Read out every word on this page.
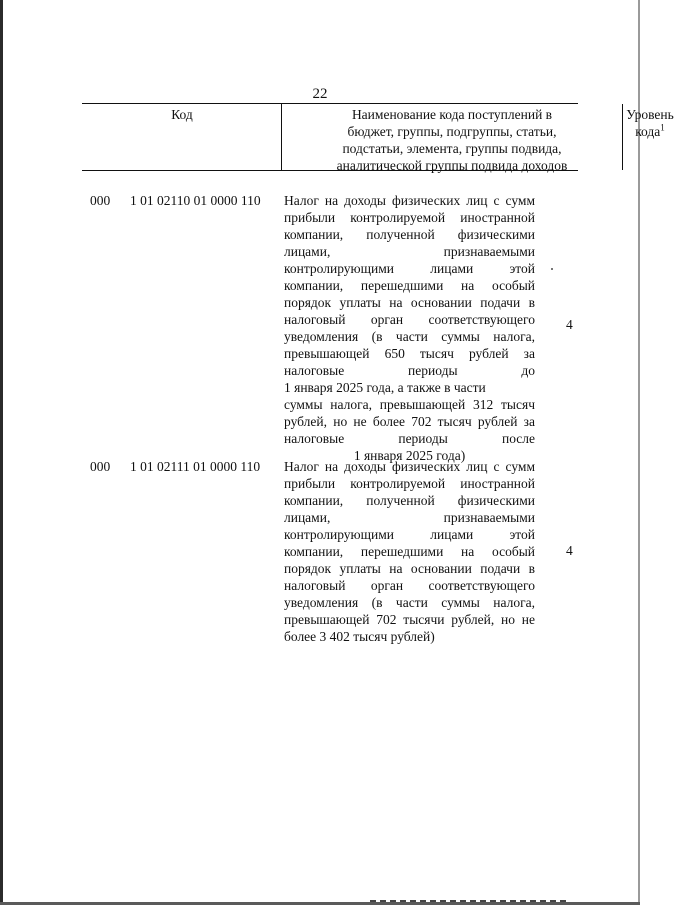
22
Код	Наименование кода поступлений в
бюджет, группы, подгруппы, статьи,
подстатьи, элемента, группы подвида,
аналитической группы подвида доходов
Уровень
кода$^1$
000 1 01 02110 01 0000 110 Налог на доходы физических лиц с сумм
прибыли контролируемой иностранной
компании, полученной физическими
лицами, признаваемыми
контролирующими лицами этой
компании, перешедшими на особый
порядок уплаты на основании подачи в
налоговый орган соответствующего
уведомления (в части суммы налога,
превышающей 650 тысяч рублей за
налоговые периоды до
1 января 2025 года, а также в части
суммы налога, превышающей 312 тысяч
рублей, но не более 702 тысяч рублей за
налоговые периоды после
1 января 2025 года)
4
000 1 01 02111 01 0000 110 Налог на доходы физических лиц с сумм
прибыли контролируемой иностранной
компании, полученной физическими
лицами, признаваемыми
контролирующими лицами этой
компании, перешедшими на особый
порядок уплаты на основании подачи в
налоговый орган соответствующего
уведомления (в части суммы налога,
превышающей 702 тысячи рублей, но не
более 3 402 тысяч рублей)
4
